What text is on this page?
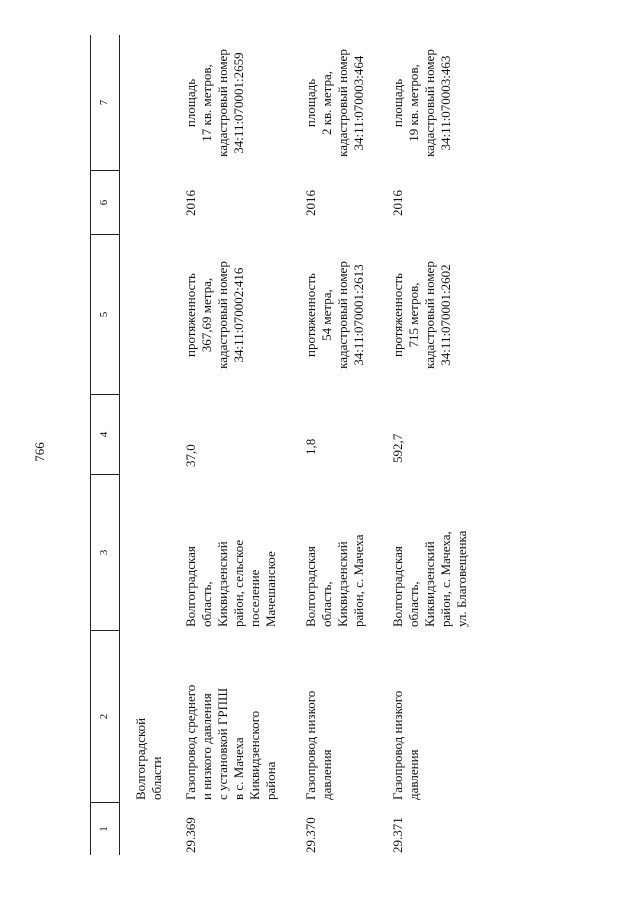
766
1
2
3
4
5
6
7
Волгоградской
области
29.369
Газопровод среднего
и низкого давления
с установкой ГРПШ
в с. Мачеха
Киквидзенского
района
Волгоградская
область,
Киквидзенский
район, сельское
поселение
Мачешанское
37,0
протяженность
367,69 метра,
кадастровый номер
34:11:070002:416
2016
площадь
17 кв. метров,
кадастровый номер
34:11:070001:2659
29.370
Газопровод низкого
давления
Волгоградская
область,
Киквидзенский
район, с. Мачеха
1,8
протяженность
54 метра,
кадастровый номер
34:11:070001:2613
2016
площадь
2 кв. метра,
кадастровый номер
34:11:070003:464
29.371
Газопровод низкого
давления
Волгоградская
область,
Киквидзенский
район, с. Мачеха,
ул. Благовещенка
592,7
протяженность
715 метров,
кадастровый номер
34:11:070001:2602
2016
площадь
19 кв. метров,
кадастровый номер
34:11:070003:463
